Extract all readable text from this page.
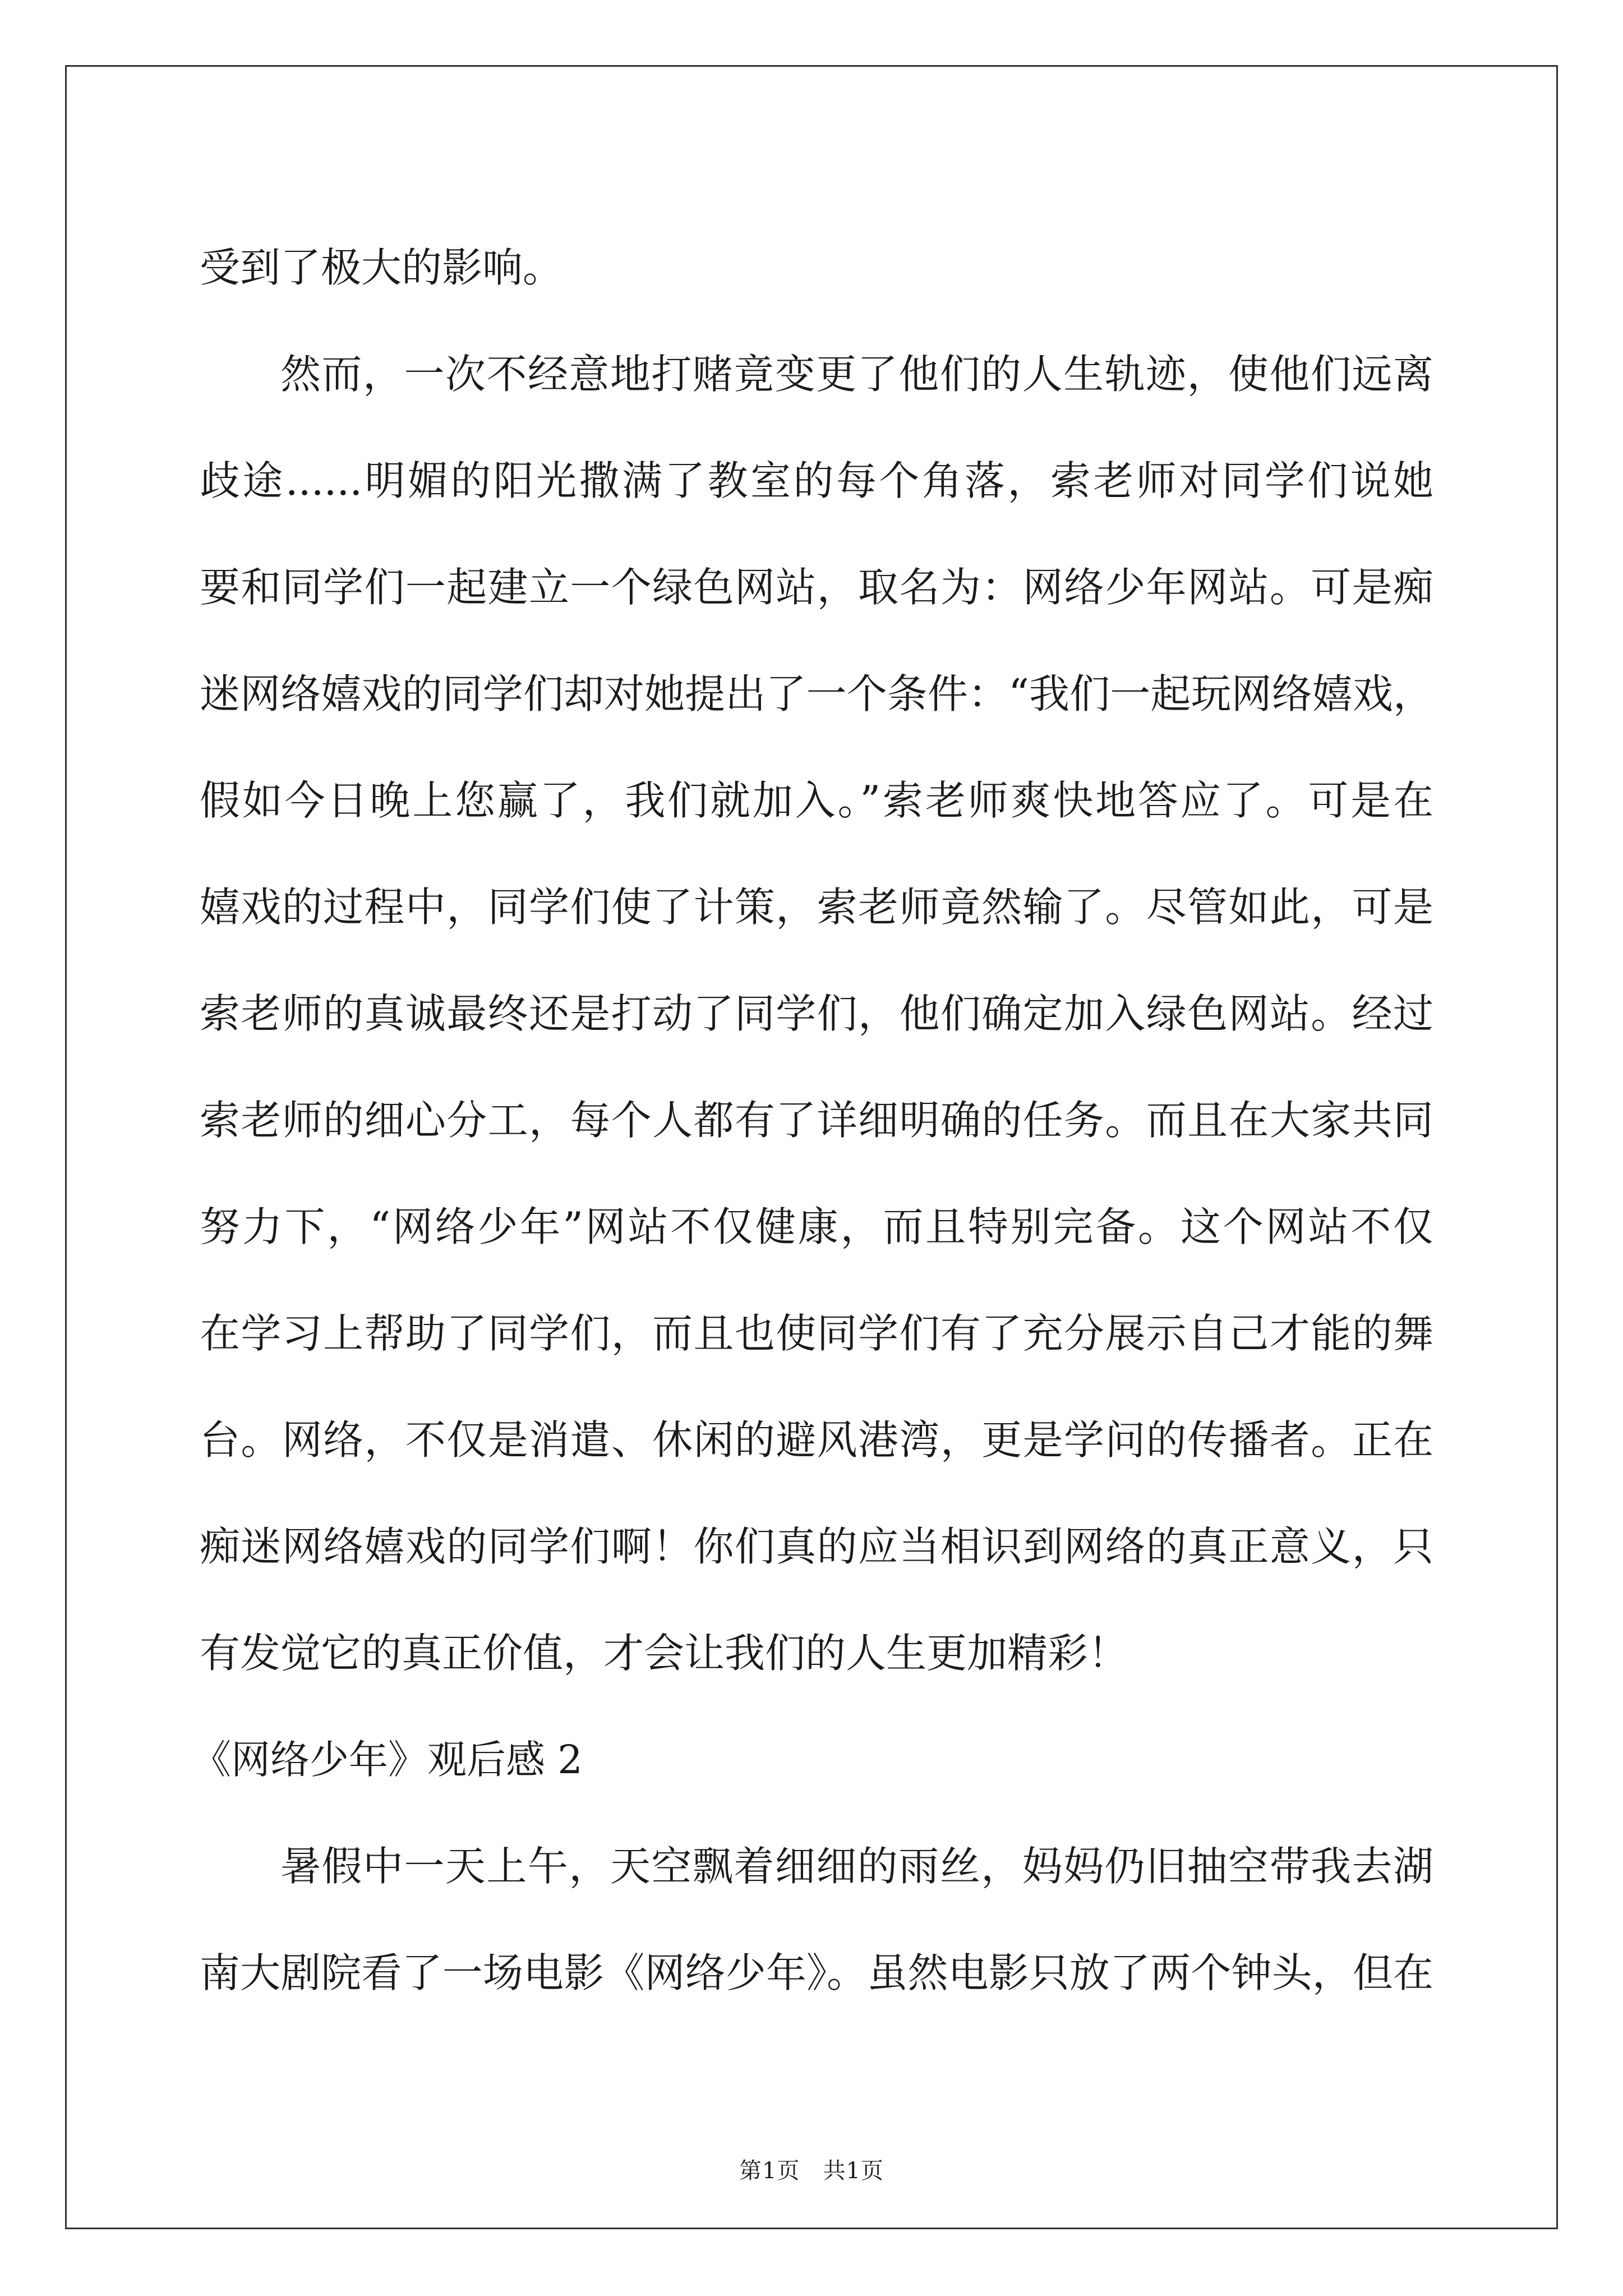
受到了极大的影响。
然而，一次不经意地打赌竟变更了他们的人生轨迹，使他们远离
歧途......明媚的阳光撒满了教室的每个角落，索老师对同学们说她
要和同学们一起建立一个绿色网站，取名为：网络少年网站。可是痴
迷网络嬉戏的同学们却对她提出了一个条件：“我们一起玩网络嬉戏，
假如今日晚上您赢了，我们就加入。”索老师爽快地答应了。可是在
嬉戏的过程中，同学们使了计策，索老师竟然输了。尽管如此，可是
索老师的真诚最终还是打动了同学们，他们确定加入绿色网站。经过
索老师的细心分工，每个人都有了详细明确的任务。而且在大家共同
努力下，“网络少年”网站不仅健康，而且特别完备。这个网站不仅
在学习上帮助了同学们，而且也使同学们有了充分展示自己才能的舞
台。网络，不仅是消遣、休闲的避风港湾，更是学问的传播者。正在
痴迷网络嬉戏的同学们啊！你们真的应当相识到网络的真正意义，只
有发觉它的真正价值，才会让我们的人生更加精彩！
《网络少年》观后感 2
暑假中一天上午，天空飘着细细的雨丝，妈妈仍旧抽空带我去湖
南大剧院看了一场电影《网络少年》。虽然电影只放了两个钟头，但在
第1页　共1页
